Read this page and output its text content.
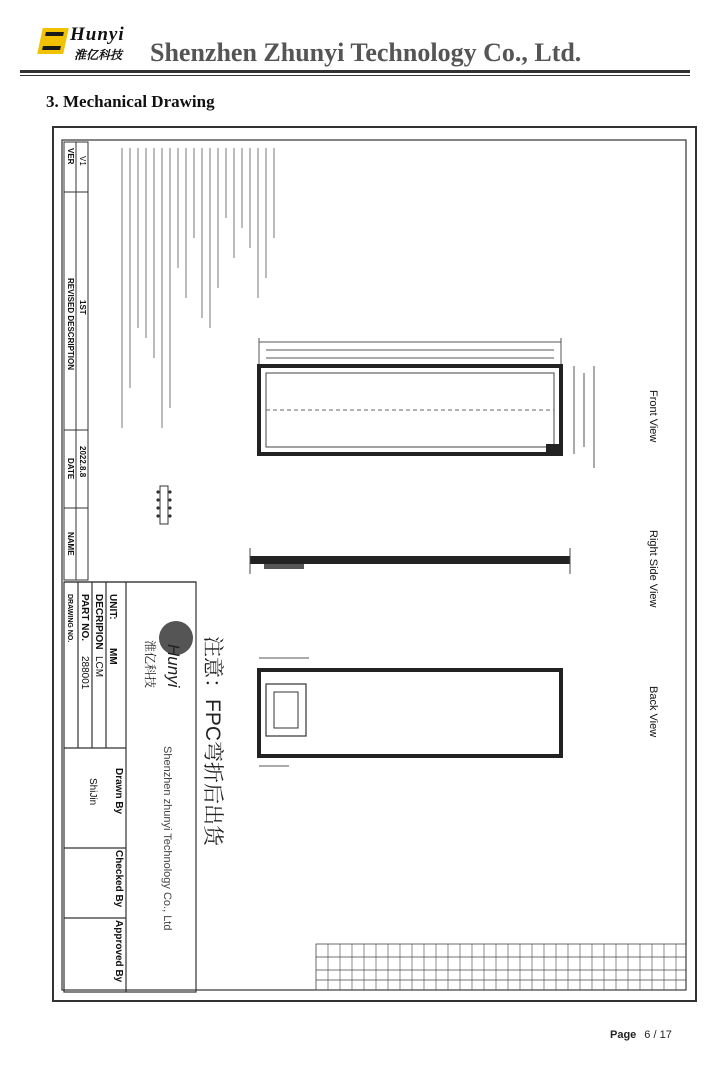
Hunyi
淮亿科技 Shenzhen Zhunyi Technology Co., Ltd.
3. Mechanical Drawing
Front View
Right Side View
Back View
注意：FPC弯折后出货
VER V1
REVISED DESCRIPTION 1ST
DATE 2022.8.8
NAME
UNIT:
MM
DECRIPION
LCM
PART NO.
288001
DRAWING NO.
Drawn By
ShiJin
Checked By
Approved By
Hunyi
淮亿科技
Shenzhen zhunyi Technology Co., Ltd
Page 6 / 17
